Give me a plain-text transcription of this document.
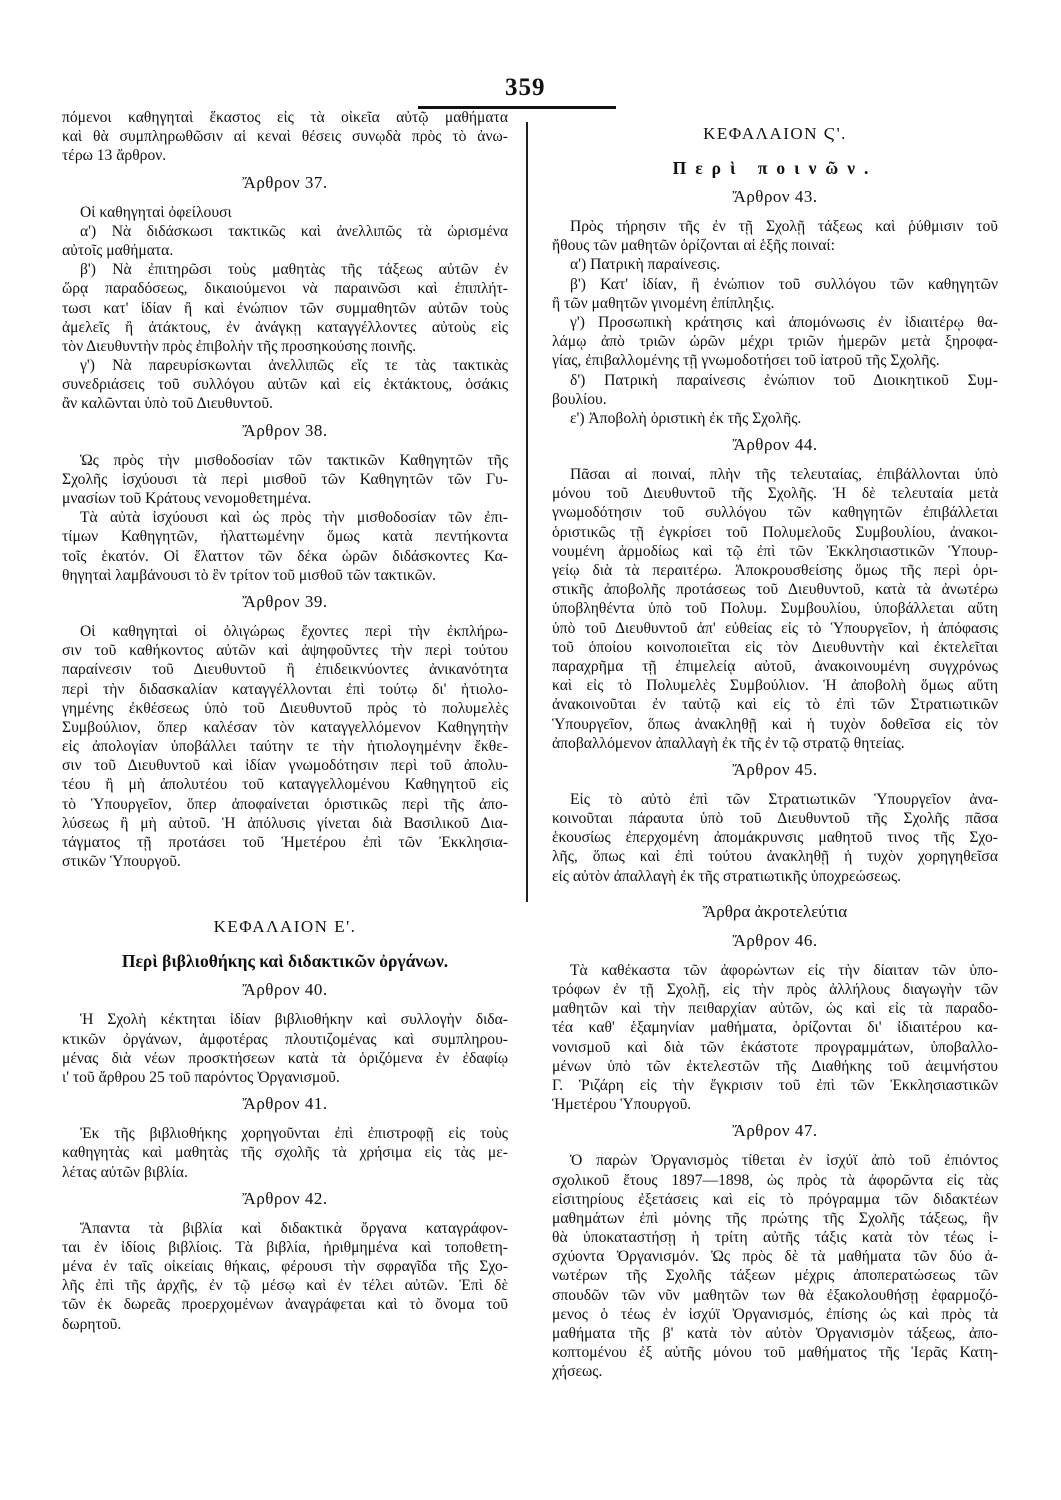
359
πόμενοι καθηγηταὶ ἕκαστος εἰς τὰ οἰκεῖα αὐτῷ μαθήματα
καὶ θὰ συμπληρωθῶσιν αἱ κεναὶ θέσεις συνῳδὰ πρὸς τὸ ἀνω-
τέρω 13 ἄρθρον.
Ἄρθρον 37.
Οἱ καθηγηταὶ ὀφείλουσι
α') Νὰ διδάσκωσι τακτικῶς καὶ ἀνελλιπῶς τὰ ὡρισμένα
αὐτοῖς μαθήματα.
β') Νὰ ἐπιτηρῶσι τοὺς μαθητὰς τῆς τάξεως αὐτῶν ἐν
ὥρᾳ παραδόσεως, δικαιούμενοι νὰ παραινῶσι καὶ ἐπιπλήτ-
τωσι κατ' ἰδίαν ἢ καὶ ἐνώπιον τῶν συμμαθητῶν αὐτῶν τοὺς
ἀμελεῖς ἢ ἀτάκτους, ἐν ἀνάγκῃ καταγγέλλοντες αὐτοὺς εἰς
τὸν Διευθυντὴν πρὸς ἐπιβολὴν τῆς προσηκούσης ποινῆς.
γ') Νὰ παρευρίσκωνται ἀνελλιπῶς εἴς τε τὰς τακτικὰς
συνεδριάσεις τοῦ συλλόγου αὐτῶν καὶ εἰς ἐκτάκτους, ὁσάκις
ἂν καλῶνται ὑπὸ τοῦ Διευθυντοῦ.
Ἄρθρον 38.
Ὡς πρὸς τὴν μισθοδοσίαν τῶν τακτικῶν Καθηγητῶν τῆς
Σχολῆς ἰσχύουσι τὰ περὶ μισθοῦ τῶν Καθηγητῶν τῶν Γυ-
μνασίων τοῦ Κράτους νενομοθετημένα.
Τὰ αὐτὰ ἰσχύουσι καὶ ὡς πρὸς τὴν μισθοδοσίαν τῶν ἐπι-
τίμων Καθηγητῶν, ἠλαττωμένην ὅμως κατὰ πεντήκοντα
τοῖς ἑκατόν. Οἱ ἔλαττον τῶν δέκα ὡρῶν διδάσκοντες Κα-
θηγηταὶ λαμβάνουσι τὸ ἓν τρίτον τοῦ μισθοῦ τῶν τακτικῶν.
Ἄρθρον 39.
Οἱ καθηγηταὶ οἱ ὀλιγώρως ἔχοντες περὶ τὴν ἐκπλήρω-
σιν τοῦ καθήκοντος αὐτῶν καὶ ἀψηφοῦντες τὴν περὶ τούτου
παραίνεσιν τοῦ Διευθυντοῦ ἢ ἐπιδεικνύοντες ἀνικανότητα
περὶ τὴν διδασκαλίαν καταγγέλλονται ἐπὶ τούτῳ δι' ἠτιολο-
γημένης ἐκθέσεως ὑπὸ τοῦ Διευθυντοῦ πρὸς τὸ πολυμελὲς
Συμβούλιον, ὅπερ καλέσαν τὸν καταγγελλόμενον Καθηγητὴν
εἰς ἀπολογίαν ὑποβάλλει ταύτην τε τὴν ἠτιολογημένην ἔκθε-
σιν τοῦ Διευθυντοῦ καὶ ἰδίαν γνωμοδότησιν περὶ τοῦ ἀπολυ-
τέου ἢ μὴ ἀπολυτέου τοῦ καταγγελλομένου Καθηγητοῦ εἰς
τὸ Ὑπουργεῖον, ὅπερ ἀποφαίνεται ὁριστικῶς περὶ τῆς ἀπο-
λύσεως ἢ μὴ αὐτοῦ. Ἡ ἀπόλυσις γίνεται διὰ Βασιλικοῦ Δια-
τάγματος τῇ προτάσει τοῦ Ἡμετέρου ἐπὶ τῶν Ἐκκλησια-
στικῶν Ὑπουργοῦ.
ΚΕΦΑΛΑΙΟΝ Ε'.
Περὶ βιβλιοθήκης καὶ διδακτικῶν ὀργάνων.
Ἄρθρον 40.
Ἡ Σχολὴ κέκτηται ἰδίαν βιβλιοθήκην καὶ συλλογὴν διδα-
κτικῶν ὀργάνων, ἀμφοτέρας πλουτιζομένας καὶ συμπληρου-
μένας διὰ νέων προσκτήσεων κατὰ τὰ ὁριζόμενα ἐν ἐδαφίῳ
ι' τοῦ ἄρθρου 25 τοῦ παρόντος Ὀργανισμοῦ.
Ἄρθρον 41.
Ἐκ τῆς βιβλιοθήκης χορηγοῦνται ἐπὶ ἐπιστροφῇ εἰς τοὺς
καθηγητὰς καὶ μαθητὰς τῆς σχολῆς τὰ χρήσιμα εἰς τὰς με-
λέτας αὐτῶν βιβλία.
Ἄρθρον 42.
Ἅπαντα τὰ βιβλία καὶ διδακτικὰ ὄργανα καταγράφον-
ται ἐν ἰδίοις βιβλίοις. Τὰ βιβλία, ἠριθμημένα καὶ τοποθετη-
μένα ἐν ταῖς οἰκείαις θήκαις, φέρουσι τὴν σφραγῖδα τῆς Σχο-
λῆς ἐπὶ τῆς ἀρχῆς, ἐν τῷ μέσῳ καὶ ἐν τέλει αὐτῶν. Ἐπὶ δὲ
τῶν ἐκ δωρεᾶς προερχομένων ἀναγράφεται καὶ τὸ ὄνομα τοῦ
δωρητοῦ.
ΚΕΦΑΛΑΙΟΝ Ϛ'.
Περὶ ποινῶν.
Ἄρθρον 43.
Πρὸς τήρησιν τῆς ἐν τῇ Σχολῇ τάξεως καὶ ῥύθμισιν τοῦ
ἤθους τῶν μαθητῶν ὁρίζονται αἱ ἑξῆς ποιναί:
α') Πατρικὴ παραίνεσις.
β') Κατ' ἰδίαν, ἢ ἐνώπιον τοῦ συλλόγου τῶν καθηγητῶν
ἢ τῶν μαθητῶν γινομένη ἐπίπληξις.
γ') Προσωπικὴ κράτησις καὶ ἀπομόνωσις ἐν ἰδιαιτέρῳ θα-
λάμῳ ἀπὸ τριῶν ὡρῶν μέχρι τριῶν ἡμερῶν μετὰ ξηροφα-
γίας, ἐπιβαλλομένης τῇ γνωμοδοτήσει τοῦ ἰατροῦ τῆς Σχολῆς.
δ') Πατρικὴ παραίνεσις ἐνώπιον τοῦ Διοικητικοῦ Συμ-
βουλίου.
ε') Ἀποβολὴ ὁριστικὴ ἐκ τῆς Σχολῆς.
Ἄρθρον 44.
Πᾶσαι αἱ ποιναί, πλὴν τῆς τελευταίας, ἐπιβάλλονται ὑπὸ
μόνου τοῦ Διευθυντοῦ τῆς Σχολῆς. Ἡ δὲ τελευταία μετὰ
γνωμοδότησιν τοῦ συλλόγου τῶν καθηγητῶν ἐπιβάλλεται
ὁριστικῶς τῇ ἐγκρίσει τοῦ Πολυμελοῦς Συμβουλίου, ἀνακοι-
νουμένη ἁρμοδίως καὶ τῷ ἐπὶ τῶν Ἐκκλησιαστικῶν Ὑπουρ-
γείῳ διὰ τὰ περαιτέρω. Ἀποκρουσθείσης ὅμως τῆς περὶ ὁρι-
στικῆς ἀποβολῆς προτάσεως τοῦ Διευθυντοῦ, κατὰ τὰ ἀνωτέρω
ὑποβληθέντα ὑπὸ τοῦ Πολυμ. Συμβουλίου, ὑποβάλλεται αὕτη
ὑπὸ τοῦ Διευθυντοῦ ἀπ' εὐθείας εἰς τὸ Ὑπουργεῖον, ἡ ἀπόφασις
τοῦ ὁποίου κοινοποιεῖται εἰς τὸν Διευθυντὴν καὶ ἐκτελεῖται
παραχρῆμα τῇ ἐπιμελείᾳ αὐτοῦ, ἀνακοινουμένη συγχρόνως
καὶ εἰς τὸ Πολυμελὲς Συμβούλιον. Ἡ ἀποβολὴ ὅμως αὕτη
ἀνακοινοῦται ἐν ταὐτῷ καὶ εἰς τὸ ἐπὶ τῶν Στρατιωτικῶν
Ὑπουργεῖον, ὅπως ἀνακληθῇ καὶ ἡ τυχὸν δοθεῖσα εἰς τὸν
ἀποβαλλόμενον ἀπαλλαγὴ ἐκ τῆς ἐν τῷ στρατῷ θητείας.
Ἄρθρον 45.
Εἰς τὸ αὐτὸ ἐπὶ τῶν Στρατιωτικῶν Ὑπουργεῖον ἀνα-
κοινοῦται πάραυτα ὑπὸ τοῦ Διευθυντοῦ τῆς Σχολῆς πᾶσα
ἑκουσίως ἐπερχομένη ἀπομάκρυνσις μαθητοῦ τινος τῆς Σχο-
λῆς, ὅπως καὶ ἐπὶ τούτου ἀνακληθῇ ἡ τυχὸν χορηγηθεῖσα
εἰς αὐτὸν ἀπαλλαγὴ ἐκ τῆς στρατιωτικῆς ὑποχρεώσεως.
Ἄρθρα ἀκροτελεύτια
Ἄρθρον 46.
Τὰ καθέκαστα τῶν ἀφορώντων εἰς τὴν δίαιταν τῶν ὑπο-
τρόφων ἐν τῇ Σχολῇ, εἰς τὴν πρὸς ἀλλήλους διαγωγὴν τῶν
μαθητῶν καὶ τὴν πειθαρχίαν αὐτῶν, ὡς καὶ εἰς τὰ παραδο-
τέα καθ' ἑξαμηνίαν μαθήματα, ὁρίζονται δι' ἰδιαιτέρου κα-
νονισμοῦ καὶ διὰ τῶν ἑκάστοτε προγραμμάτων, ὑποβαλλο-
μένων ὑπὸ τῶν ἐκτελεστῶν τῆς Διαθήκης τοῦ ἀειμνήστου
Γ. Ῥιζάρη εἰς τὴν ἔγκρισιν τοῦ ἐπὶ τῶν Ἐκκλησιαστικῶν
Ἡμετέρου Ὑπουργοῦ.
Ἄρθρον 47.
Ὁ παρὼν Ὀργανισμὸς τίθεται ἐν ἰσχύϊ ἀπὸ τοῦ ἐπιόντος
σχολικοῦ ἔτους 1897—1898, ὡς πρὸς τὰ ἀφορῶντα εἰς τὰς
εἰσιτηρίους ἐξετάσεις καὶ εἰς τὸ πρόγραμμα τῶν διδακτέων
μαθημάτων ἐπὶ μόνης τῆς πρώτης τῆς Σχολῆς τάξεως, ἣν
θὰ ὑποκαταστήσῃ ἡ τρίτη αὐτῆς τάξις κατὰ τὸν τέως ἰ-
σχύοντα Ὀργανισμόν. Ὡς πρὸς δὲ τὰ μαθήματα τῶν δύο ἀ-
νωτέρων τῆς Σχολῆς τάξεων μέχρις ἀποπερατώσεως τῶν
σπουδῶν τῶν νῦν μαθητῶν των θὰ ἐξακολουθήσῃ ἐφαρμοζό-
μενος ὁ τέως ἐν ἰσχύϊ Ὀργανισμός, ἐπίσης ὡς καὶ πρὸς τὰ
μαθήματα τῆς β' κατὰ τὸν αὐτὸν Ὀργανισμὸν τάξεως, ἀπο-
κοπτομένου ἐξ αὐτῆς μόνου τοῦ μαθήματος τῆς Ἱερᾶς Κατη-
χήσεως.
